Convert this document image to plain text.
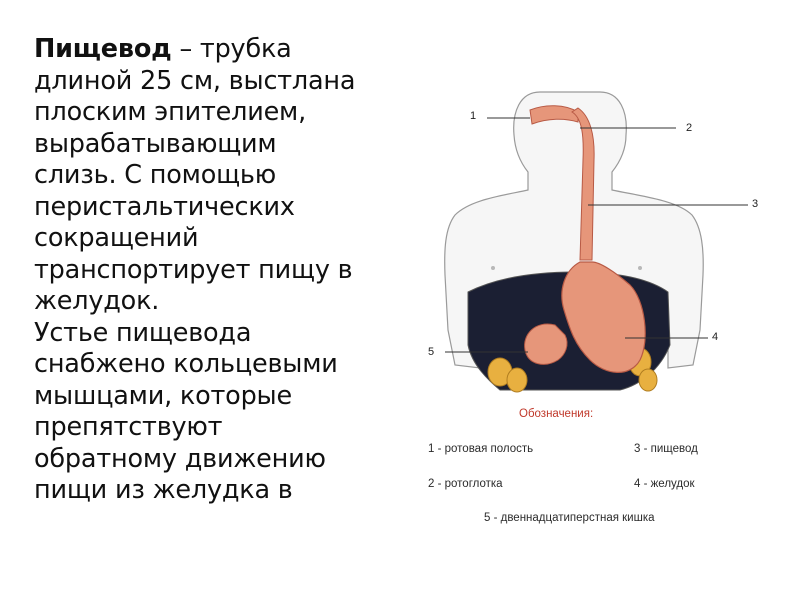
Пищевод – трубка
длиной 25 см, выстлана
плоским эпителием,
вырабатывающим
слизь. С помощью
перистальтических
сокращений
транспортирует пищу в
желудок.

Устье пищевода
снабжено кольцевыми
мышцами, которые
препятствуют
обратному движению
пищи из желудка в

1
2
3
4
5
Обозначения:
1 - ротовая полость	3 - пищевод
2 - ротоглотка	4 - желудок
5 - двеннадцатиперстная кишка
